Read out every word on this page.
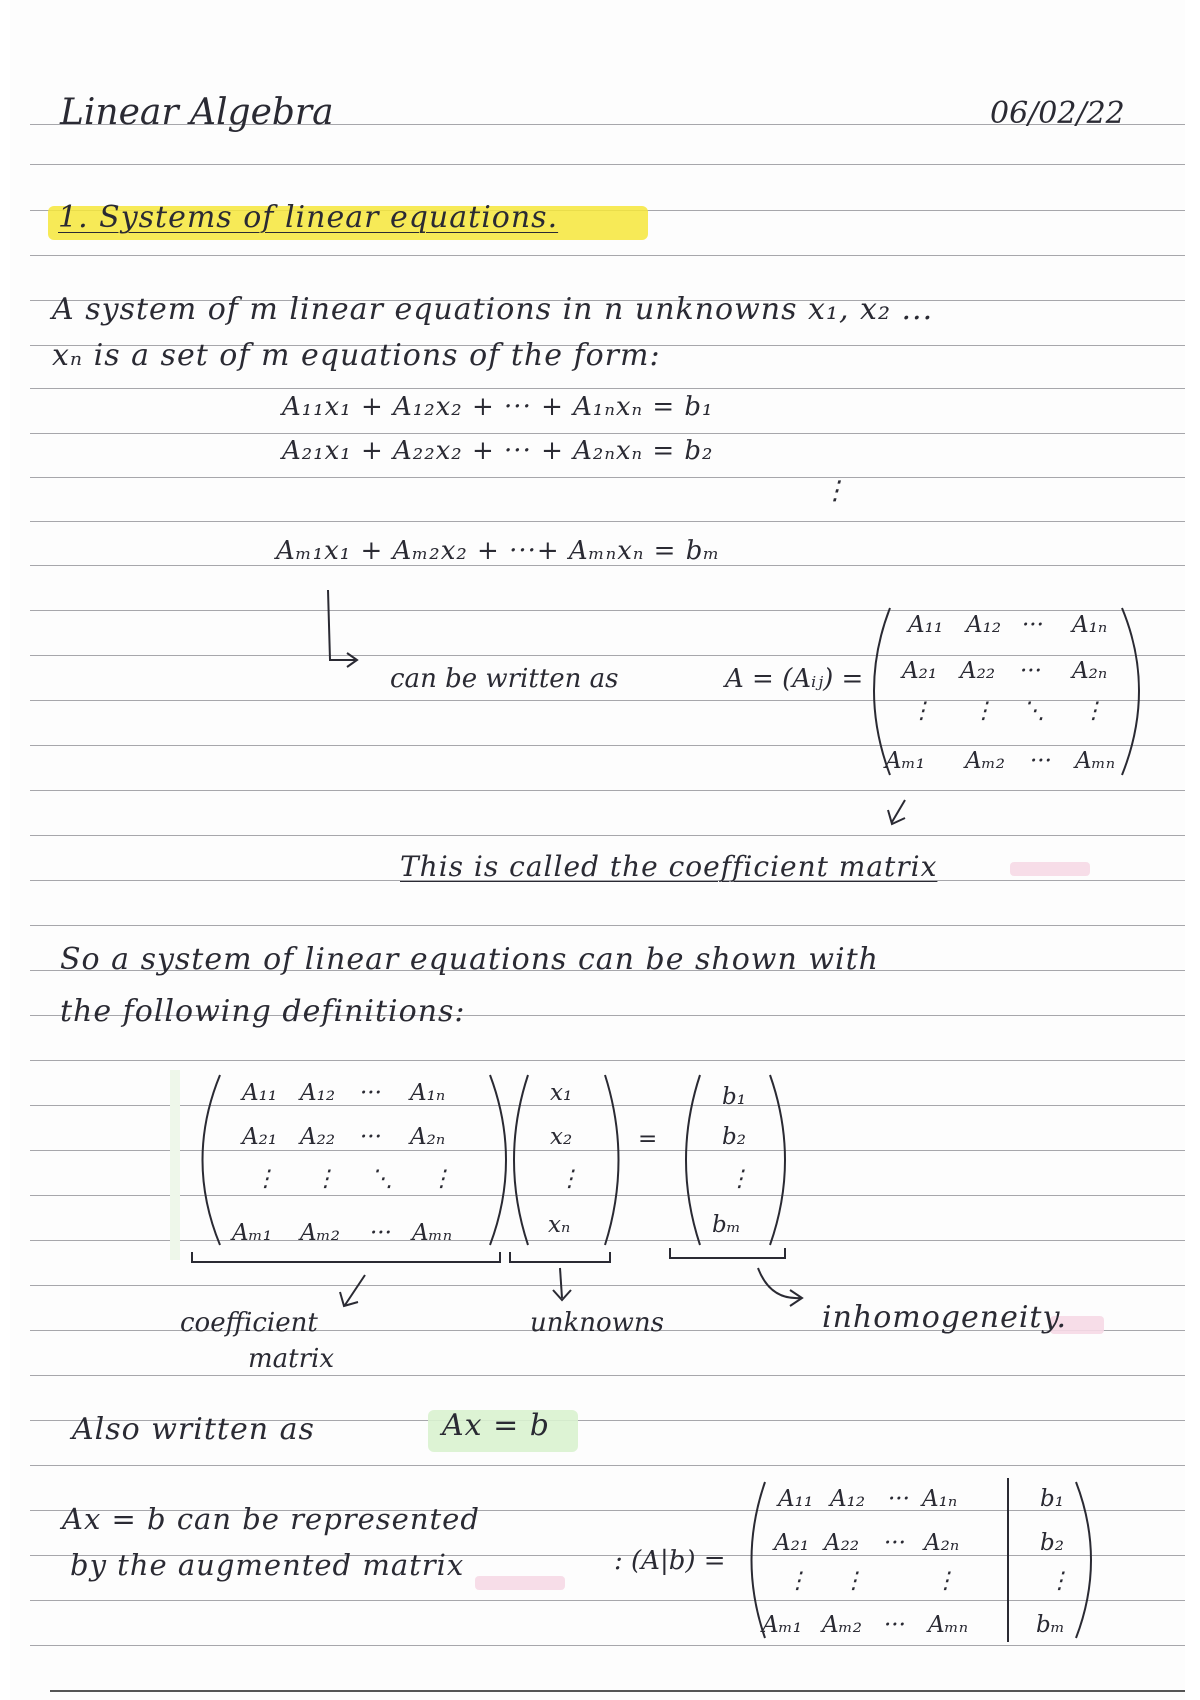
Linear Algebra	06/02/22
1. Systems of linear equations.
A system of m linear equations in n unknowns x₁, x₂ ...
xₙ is a set of m equations of the form:
A₁₁x₁ + A₁₂x₂ + ··· + A₁ₙxₙ = b₁
A₂₁x₁ + A₂₂x₂ + ··· + A₂ₙxₙ = b₂
⋮
Aₘ₁x₁ + Aₘ₂x₂ + ···+ Aₘₙxₙ = bₘ
can be written as	A = (Aᵢⱼ) =
A₁₁ A₁₂ ··· A₁ₙ
A₂₁ A₂₂ ··· A₂ₙ
⋮ ⋮ ⋱ ⋮
Aₘ₁ Aₘ₂ ··· Aₘₙ
This is called the coefficient matrix
So a system of linear equations can be shown with
the following definitions:
A₁₁ A₁₂ ··· A₁ₙ
A₂₁ A₂₂ ··· A₂ₙ
⋮ ⋮ ⋱ ⋮
Aₘ₁ Aₘ₂ ··· Aₘₙ
x₁
x₂
⋮
xₙ
=
b₁
b₂
⋮
bₘ
coefficient
matrix
unknowns	inhomogeneity.
Also written as	Ax = b
Ax = b can be represented
by the augmented matrix	: (A|b) =
A₁₁ A₁₂ ··· A₁ₙ	b₁
A₂₁ A₂₂ ··· A₂ₙ	b₂
⋮ ⋮	⋮	⋮
Aₘ₁ Aₘ₂ ··· Aₘₙ	bₘ
